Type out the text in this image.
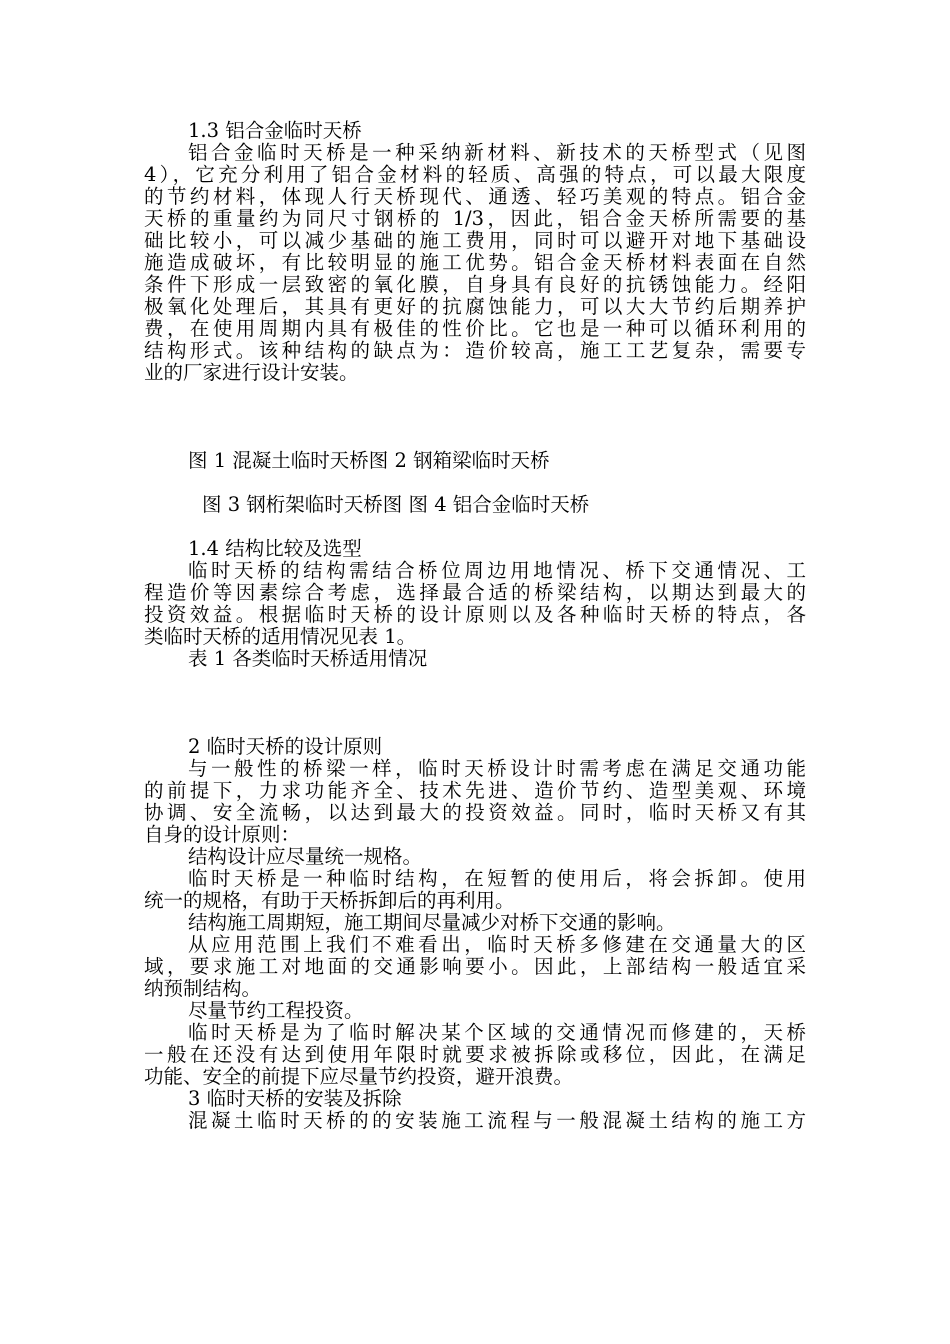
1.3 铝合金临时天桥
铝合金临时天桥是一种采纳新材料、新技术的天桥型式（见图
4），它充分利用了铝合金材料的轻质、高强的特点，可以最大限度
的节约材料，体现人行天桥现代、通透、轻巧美观的特点。铝合金
天桥的重量约为同尺寸钢桥的 1/3，因此，铝合金天桥所需要的基
础比较小，可以减少基础的施工费用，同时可以避开对地下基础设
施造成破坏，有比较明显的施工优势。铝合金天桥材料表面在自然
条件下形成一层致密的氧化膜，自身具有良好的抗锈蚀能力。经阳
极氧化处理后，其具有更好的抗腐蚀能力，可以大大节约后期养护
费，在使用周期内具有极佳的性价比。它也是一种可以循环利用的
结构形式。该种结构的缺点为：造价较高，施工工艺复杂，需要专
业的厂家进行设计安装。
图 1 混凝土临时天桥图 2 钢箱梁临时天桥
图 3 钢桁架临时天桥图 图 4 铝合金临时天桥
1.4 结构比较及选型
临时天桥的结构需结合桥位周边用地情况、桥下交通情况、工
程造价等因素综合考虑，选择最合适的桥梁结构，以期达到最大的
投资效益。根据临时天桥的设计原则以及各种临时天桥的特点，各
类临时天桥的适用情况见表 1。
表 1 各类临时天桥适用情况
2 临时天桥的设计原则
与一般性的桥梁一样，临时天桥设计时需考虑在满足交通功能
的前提下，力求功能齐全、技术先进、造价节约、造型美观、环境
协调、安全流畅，以达到最大的投资效益。同时，临时天桥又有其
自身的设计原则：
结构设计应尽量统一规格。
临时天桥是一种临时结构，在短暂的使用后，将会拆卸。使用
统一的规格，有助于天桥拆卸后的再利用。
结构施工周期短，施工期间尽量减少对桥下交通的影响。
从应用范围上我们不难看出，临时天桥多修建在交通量大的区
域，要求施工对地面的交通影响要小。因此，上部结构一般适宜采
纳预制结构。
尽量节约工程投资。
临时天桥是为了临时解决某个区域的交通情况而修建的，天桥
一般在还没有达到使用年限时就要求被拆除或移位，因此，在满足
功能、安全的前提下应尽量节约投资，避开浪费。
3 临时天桥的安装及拆除
混凝土临时天桥的的安装施工流程与一般混凝土结构的施工方
